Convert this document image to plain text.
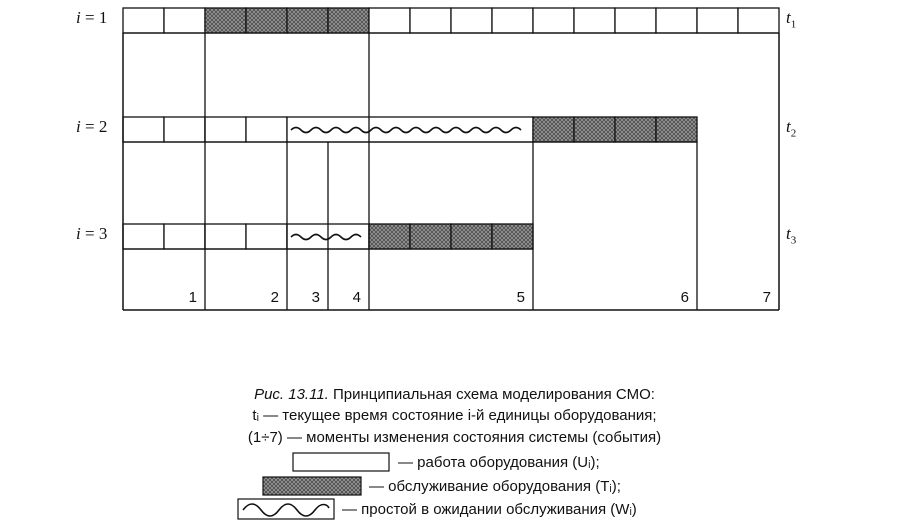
1	2 3 4	5	6	7
i = 1
i = 2
i = 3
$t_1$
$t_2$
$t_3$
Рис. 13.11. Принципиальная схема моделирования СМО:
tᵢ — текущее время состояние i-й единицы оборудования;
(1÷7) — моменты изменения состояния системы (события)
— работа оборудования (Uᵢ);
— обслуживание оборудования (Tᵢ);
— простой в ожидании обслуживания (Wᵢ)
